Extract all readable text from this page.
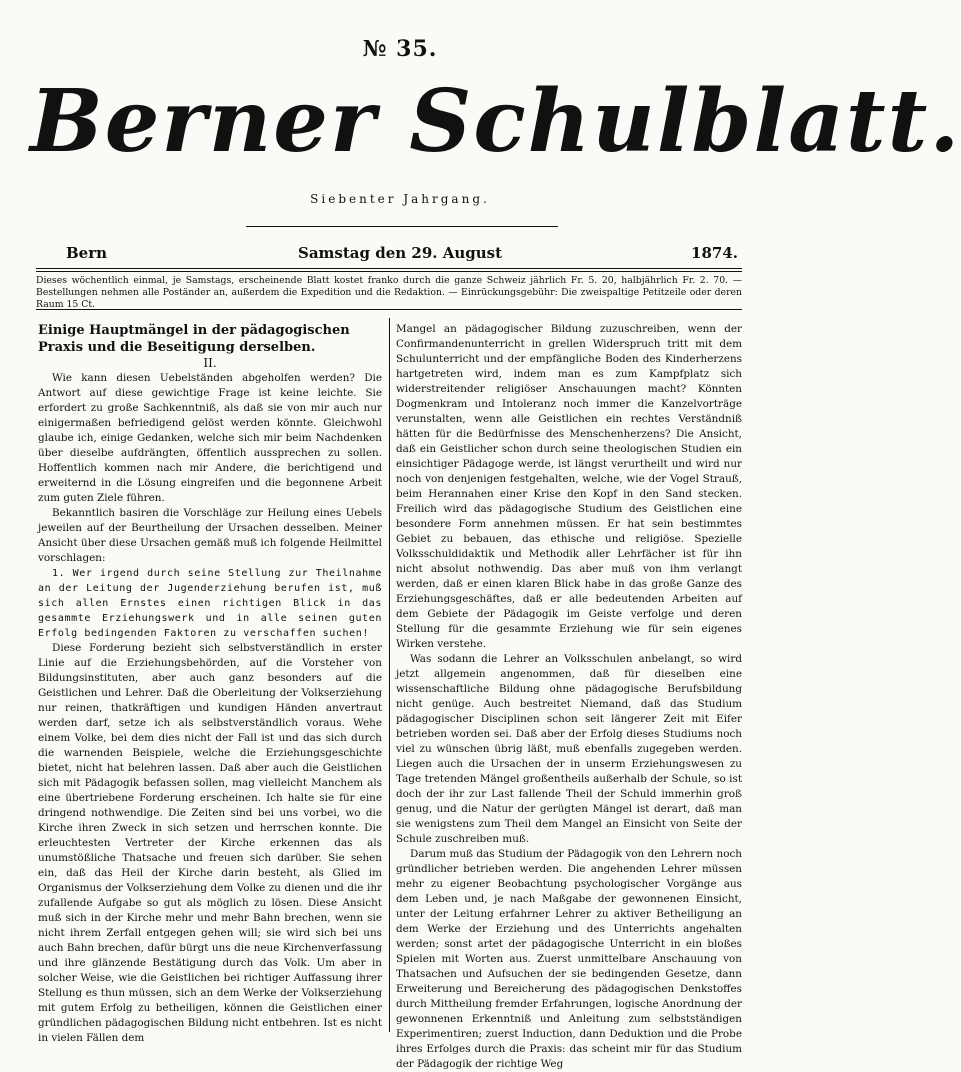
№ 35.
Berner Schulblatt.
Siebenter Jahrgang.
Bern	Samstag den 29. August	1874.
Dieses wöchentlich einmal, je Samstags, erscheinende Blatt kostet franko durch die ganze Schweiz jährlich Fr. 5. 20, halbjährlich Fr. 2. 70. — Bestellungen nehmen alle Poständer an, außerdem die Expedition und die Redaktion. — Einrückungsgebühr: Die zweispaltige Petitzeile oder deren Raum 15 Ct.

Einige Hauptmängel in der pädagogischen Praxis und die Beseitigung derselben.

II.

Wie kann diesen Uebelständen abgeholfen werden? Die Antwort auf diese gewichtige Frage ist keine leichte. Sie erfordert zu große Sachkenntniß, als daß sie von mir auch nur einigermaßen befriedigend gelöst werden könnte. Gleichwohl glaube ich, einige Gedanken, welche sich mir beim Nachdenken über dieselbe aufdrängten, öffentlich aussprechen zu sollen. Hoffentlich kommen nach mir Andere, die berichtigend und erweiternd in die Lösung eingreifen und die begonnene Arbeit zum guten Ziele führen.

Bekanntlich basiren die Vorschläge zur Heilung eines Uebels jeweilen auf der Beurtheilung der Ursachen desselben. Meiner Ansicht über diese Ursachen gemäß muß ich folgende Heilmittel vorschlagen:

1. Wer irgend durch seine Stellung zur Theilnahme an der Leitung der Jugenderziehung berufen ist, muß sich allen Ernstes einen richtigen Blick in das gesammte Erziehungswerk und in alle seinen guten Erfolg bedingenden Faktoren zu verschaffen suchen!

Diese Forderung bezieht sich selbstverständlich in erster Linie auf die Erziehungsbehörden, auf die Vorsteher von Bildungsinstituten, aber auch ganz besonders auf die Geistlichen und Lehrer. Daß die Oberleitung der Volkserziehung nur reinen, thatkräftigen und kundigen Händen anvertraut werden darf, setze ich als selbstverständlich voraus. Wehe einem Volke, bei dem dies nicht der Fall ist und das sich durch die warnenden Beispiele, welche die Erziehungsgeschichte bietet, nicht hat belehren lassen. Daß aber auch die Geistlichen sich mit Pädagogik befassen sollen, mag vielleicht Manchem als eine übertriebene Forderung erscheinen. Ich halte sie für eine dringend nothwendige. Die Zeiten sind bei uns vorbei, wo die Kirche ihren Zweck in sich setzen und herrschen konnte. Die erleuchtesten Vertreter der Kirche erkennen das als unumstößliche Thatsache und freuen sich darüber. Sie sehen ein, daß das Heil der Kirche darin besteht, als Glied im Organismus der Volkserziehung dem Volke zu dienen und die ihr zufallende Aufgabe so gut als möglich zu lösen. Diese Ansicht muß sich in der Kirche mehr und mehr Bahn brechen, wenn sie nicht ihrem Zerfall entgegen gehen will; sie wird sich bei uns auch Bahn brechen, dafür bürgt uns die neue Kirchenverfassung und ihre glänzende Bestätigung durch das Volk. Um aber in solcher Weise, wie die Geistlichen bei richtiger Auffassung ihrer Stellung es thun müssen, sich an dem Werke der Volkserziehung mit gutem Erfolg zu betheiligen, können die Geistlichen einer gründlichen pädagogischen Bildung nicht entbehren. Ist es nicht in vielen Fällen dem

Mangel an pädagogischer Bildung zuzuschreiben, wenn der Confirmandenunterricht in grellen Widerspruch tritt mit dem Schulunterricht und der empfängliche Boden des Kinderherzens hartgetreten wird, indem man es zum Kampfplatz sich widerstreitender religiöser Anschauungen macht? Könnten Dogmenkram und Intoleranz noch immer die Kanzelvorträge verunstalten, wenn alle Geistlichen ein rechtes Verständniß hätten für die Bedürfnisse des Menschenherzens? Die Ansicht, daß ein Geistlicher schon durch seine theologischen Studien ein einsichtiger Pädagoge werde, ist längst verurtheilt und wird nur noch von denjenigen festgehalten, welche, wie der Vogel Strauß, beim Herannahen einer Krise den Kopf in den Sand stecken. Freilich wird das pädagogische Studium des Geistlichen eine besondere Form annehmen müssen. Er hat sein bestimmtes Gebiet zu bebauen, das ethische und religiöse. Spezielle Volksschuldidaktik und Methodik aller Lehrfächer ist für ihn nicht absolut nothwendig. Das aber muß von ihm verlangt werden, daß er einen klaren Blick habe in das große Ganze des Erziehungsgeschäftes, daß er alle bedeutenden Arbeiten auf dem Gebiete der Pädagogik im Geiste verfolge und deren Stellung für die gesammte Erziehung wie für sein eigenes Wirken verstehe.

Was sodann die Lehrer an Volksschulen anbelangt, so wird jetzt allgemein angenommen, daß für dieselben eine wissenschaftliche Bildung ohne pädagogische Berufsbildung nicht genüge. Auch bestreitet Niemand, daß das Studium pädagogischer Disciplinen schon seit längerer Zeit mit Eifer betrieben worden sei. Daß aber der Erfolg dieses Studiums noch viel zu wünschen übrig läßt, muß ebenfalls zugegeben werden. Liegen auch die Ursachen der in unserm Erziehungswesen zu Tage tretenden Mängel großentheils außerhalb der Schule, so ist doch der ihr zur Last fallende Theil der Schuld immerhin groß genug, und die Natur der gerügten Mängel ist derart, daß man sie wenigstens zum Theil dem Mangel an Einsicht von Seite der Schule zuschreiben muß.

Darum muß das Studium der Pädagogik von den Lehrern noch gründlicher betrieben werden. Die angehenden Lehrer müssen mehr zu eigener Beobachtung psychologischer Vorgänge aus dem Leben und, je nach Maßgabe der gewonnenen Einsicht, unter der Leitung erfahrner Lehrer zu aktiver Betheiligung an dem Werke der Erziehung und des Unterrichts angehalten werden; sonst artet der pädagogische Unterricht in ein bloßes Spielen mit Worten aus. Zuerst unmittelbare Anschauung von Thatsachen und Aufsuchen der sie bedingenden Gesetze, dann Erweiterung und Bereicherung des pädagogischen Denkstoffes durch Mittheilung fremder Erfahrungen, logische Anordnung der gewonnenen Erkenntniß und Anleitung zum selbstständigen Experimentiren; zuerst Induction, dann Deduktion und die Probe ihres Erfolges durch die Praxis: das scheint mir für das Studium der Pädagogik der richtige Weg
